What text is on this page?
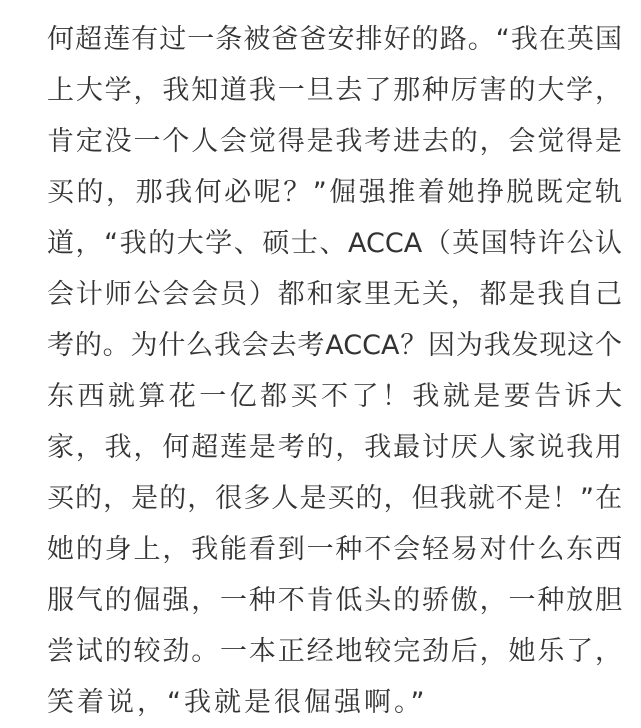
何超莲有过一条被爸爸安排好的路。“我在英国
上大学，我知道我一旦去了那种厉害的大学，
肯定没一个人会觉得是我考进去的，会觉得是
买的，那我何必呢？”倔强推着她挣脱既定轨
道，“我的大学、硕士、ACCA（英国特许公认
会计师公会会员）都和家里无关，都是我自己
考的。为什么我会去考ACCA？因为我发现这个
东西就算花一亿都买不了！我就是要告诉大
家，我，何超莲是考的，我最讨厌人家说我用
买的，是的，很多人是买的，但我就不是！”在
她的身上，我能看到一种不会轻易对什么东西
服气的倔强，一种不肯低头的骄傲，一种放胆
尝试的较劲。一本正经地较完劲后，她乐了，
笑着说，“我就是很倔强啊。”
